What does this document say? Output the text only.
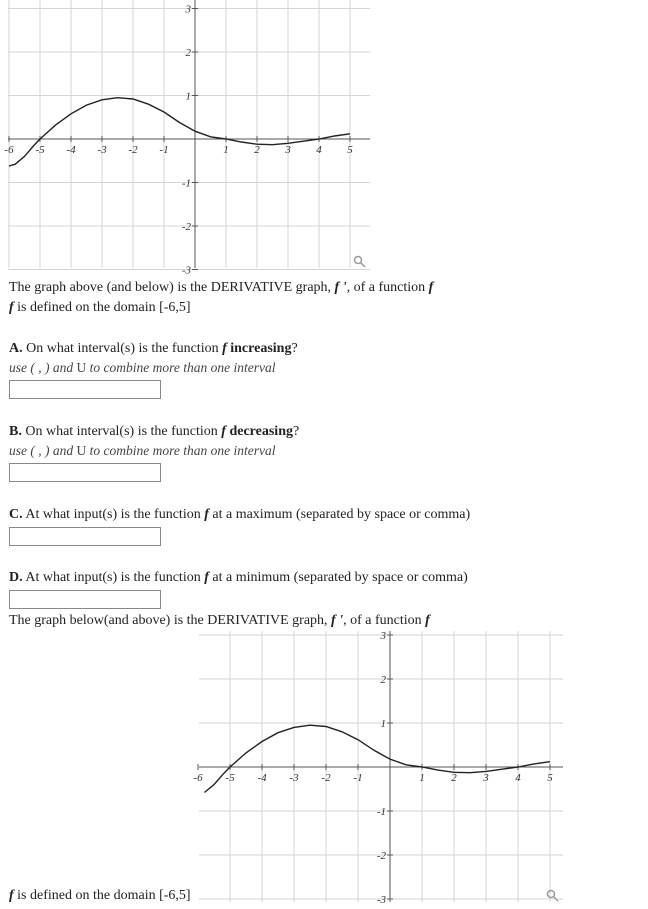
-6 -5 -4 -3 -2 -1	1 2 3 4 5
3
2
1
-1
-2
-3
The graph above (and below) is the DERIVATIVE graph, f ', of a function f
f is defined on the domain [-6,5]
A. On what interval(s) is the function f increasing?
use ( , ) and U to combine more than one interval
B. On what interval(s) is the function f decreasing?
use ( , ) and U to combine more than one interval
C. At what input(s) is the function f at a maximum (separated by space or comma)
D. At what input(s) is the function f at a minimum (separated by space or comma)
The graph below(and above) is the DERIVATIVE graph, f ', of a function f
-6 -5 -4 -3 -2 -1	1 2 3 4 5
3
2
1
-1
-2
-3
f is defined on the domain [-6,5]
